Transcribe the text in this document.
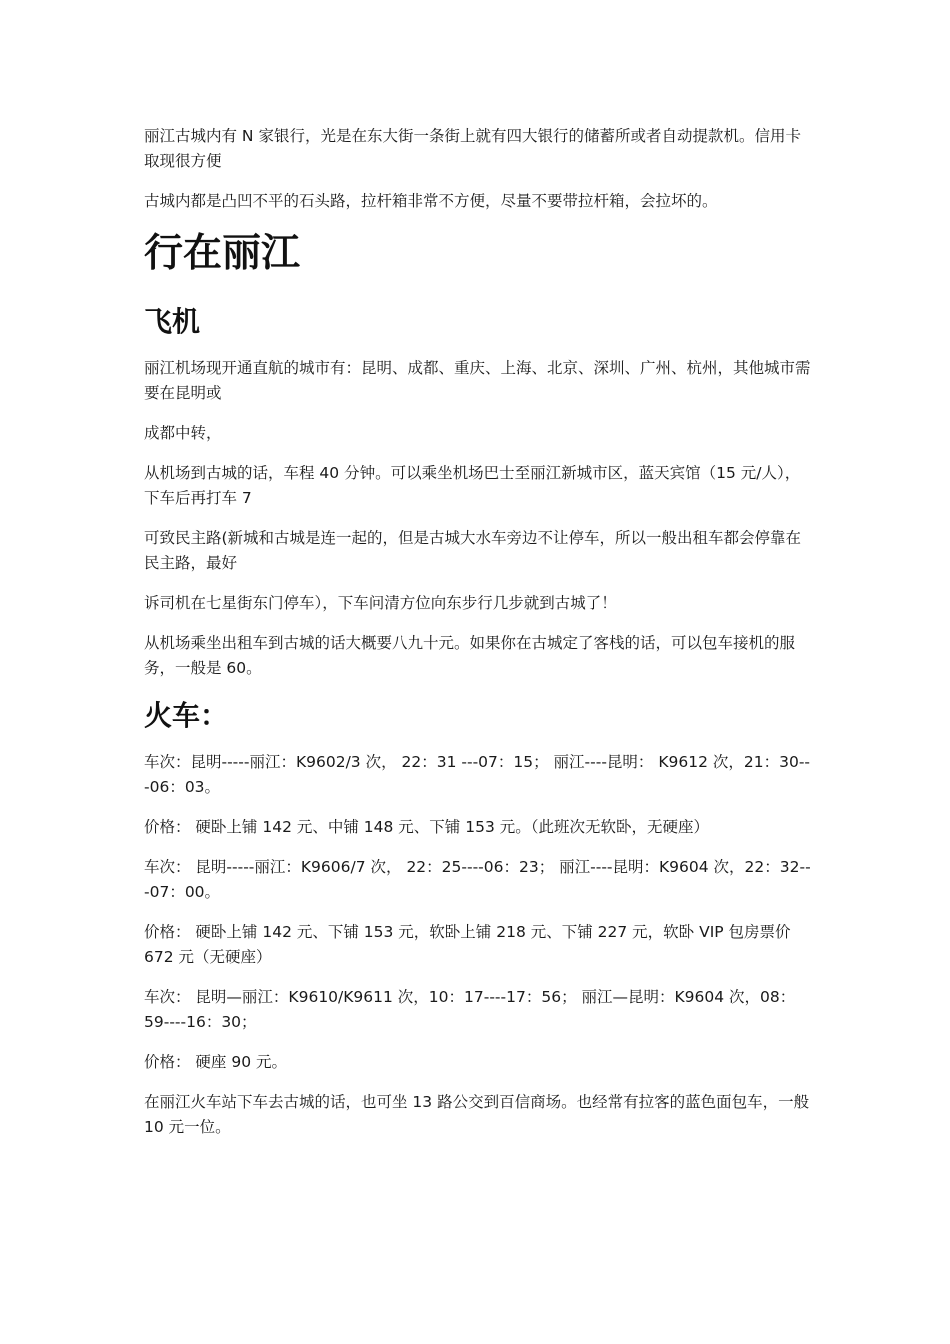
丽江古城内有 N 家银行，光是在东大街一条街上就有四大银行的储蓄所或者自动提款机。信用卡取现很方便

古城内都是凸凹不平的石头路，拉杆箱非常不方便，尽量不要带拉杆箱，会拉坏的。

行在丽江
飞机

丽江机场现开通直航的城市有：昆明、成都、重庆、上海、北京、深圳、广州、杭州，其他城市需要在昆明或

成都中转，

从机场到古城的话，车程 40 分钟。可以乘坐机场巴士至丽江新城市区，蓝天宾馆（15 元/人），下车后再打车 7

可致民主路(新城和古城是连一起的，但是古城大水车旁边不让停车，所以一般出租车都会停靠在民主路，最好

诉司机在七星街东门停车），下车问清方位向东步行几步就到古城了！

从机场乘坐出租车到古城的话大概要八九十元。如果你在古城定了客栈的话，可以包车接机的服务，一般是 60。

火车：

车次：昆明-----丽江：K9602/3 次， 22：31 ---07：15； 丽江----昆明： K9612 次，21：30---06：03。

价格： 硬卧上铺 142 元、中铺 148 元、下铺 153 元。（此班次无软卧，无硬座）

车次： 昆明-----丽江：K9606/7 次， 22：25----06：23； 丽江----昆明：K9604 次，22：32---07：00。

价格： 硬卧上铺 142 元、下铺 153 元，软卧上铺 218 元、下铺 227 元，软卧 VIP 包房票价 672 元（无硬座）

车次： 昆明—丽江：K9610/K9611 次，10：17----17：56； 丽江—昆明：K9604 次，08：59----16：30；

价格： 硬座 90 元。

在丽江火车站下车去古城的话，也可坐 13 路公交到百信商场。也经常有拉客的蓝色面包车，一般 10 元一位。
